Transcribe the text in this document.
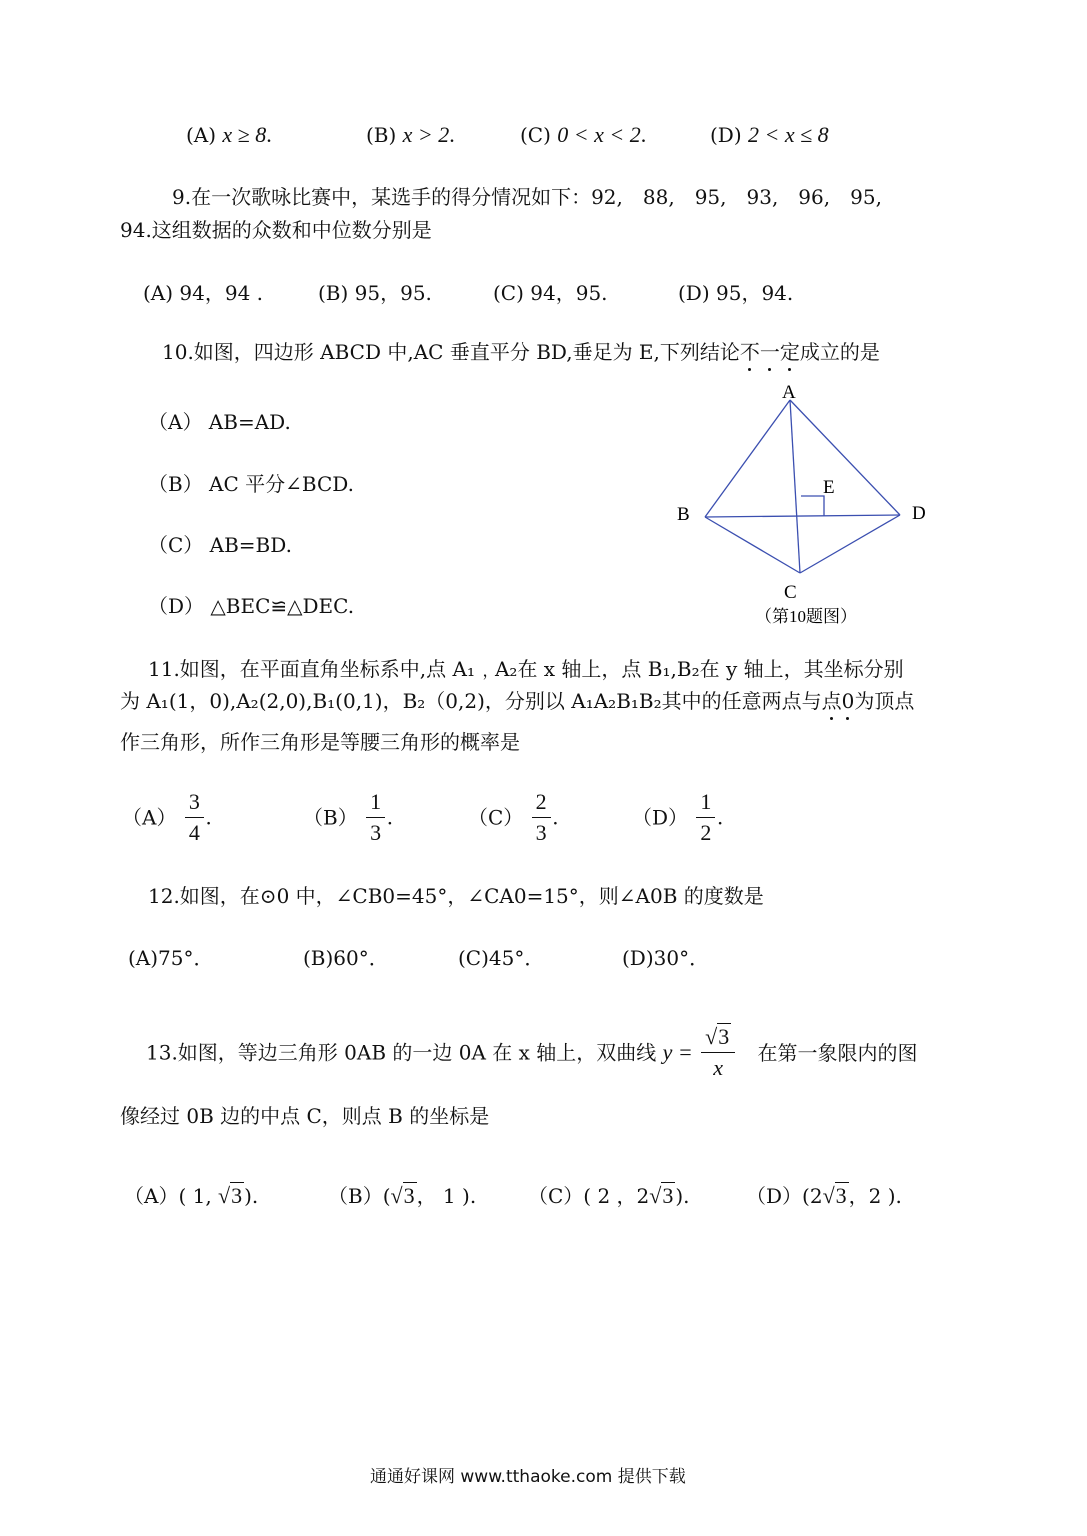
(A) x ≥ 8.	(B) x > 2.	(C) 0 < x < 2.	(D) 2 < x ≤ 8
9.在一次歌咏比赛中，某选手的得分情况如下：92,　88,　95,　93,　96,　95,
94.这组数据的众数和中位数分别是
(A) 94，94 .	(B) 95，95.	(C) 94，95.	(D) 95，94.
10.如图，四边形 ABCD 中,AC 垂直平分 BD,垂足为 E,下列结论不一定成立的是
（A） AB=AD.
（B） AC 平分∠BCD.
（C） AB=BD.
（D） △BEC≌△DEC.
A
B
C
D
E
（第10题图）
11.如图，在平面直角坐标系中,点 A₁﹐A₂在 x 轴上，点 B₁,B₂在 y 轴上，其坐标分别
为 A₁(1，0),A₂(2,0),B₁(0,1)，B₂（0,2)，分别以 A₁A₂B₁B₂其中的任意两点与点0为顶点
作三角形，所作三角形是等腰三角形的概率是
$(A) \frac{3}{4}$ .	$(B) \frac{1}{3}$ .	$(C) \frac{2}{3}$ .	$(D) \frac{1}{2}$ .
12.如图，在⊙0 中，∠CB0=45°，∠CA0=15°，则∠A0B 的度数是
(A)75°．	(B)60°．	(C)45°．	(D)30°．
13.如图，等边三角形 0AB 的一边 0A 在 x 轴上，双曲线 $y = \frac{√3}{x}$ 在第一象限内的图
像经过 0B 边的中点 C，则点 B 的坐标是
（A）( 1, √3 ).	（B）(√3 ， 1 ).	（C）( 2 ，2√3 ).	（D）(2√3 ，2 ).
通通好课网 www.tthaoke.com 提供下载
